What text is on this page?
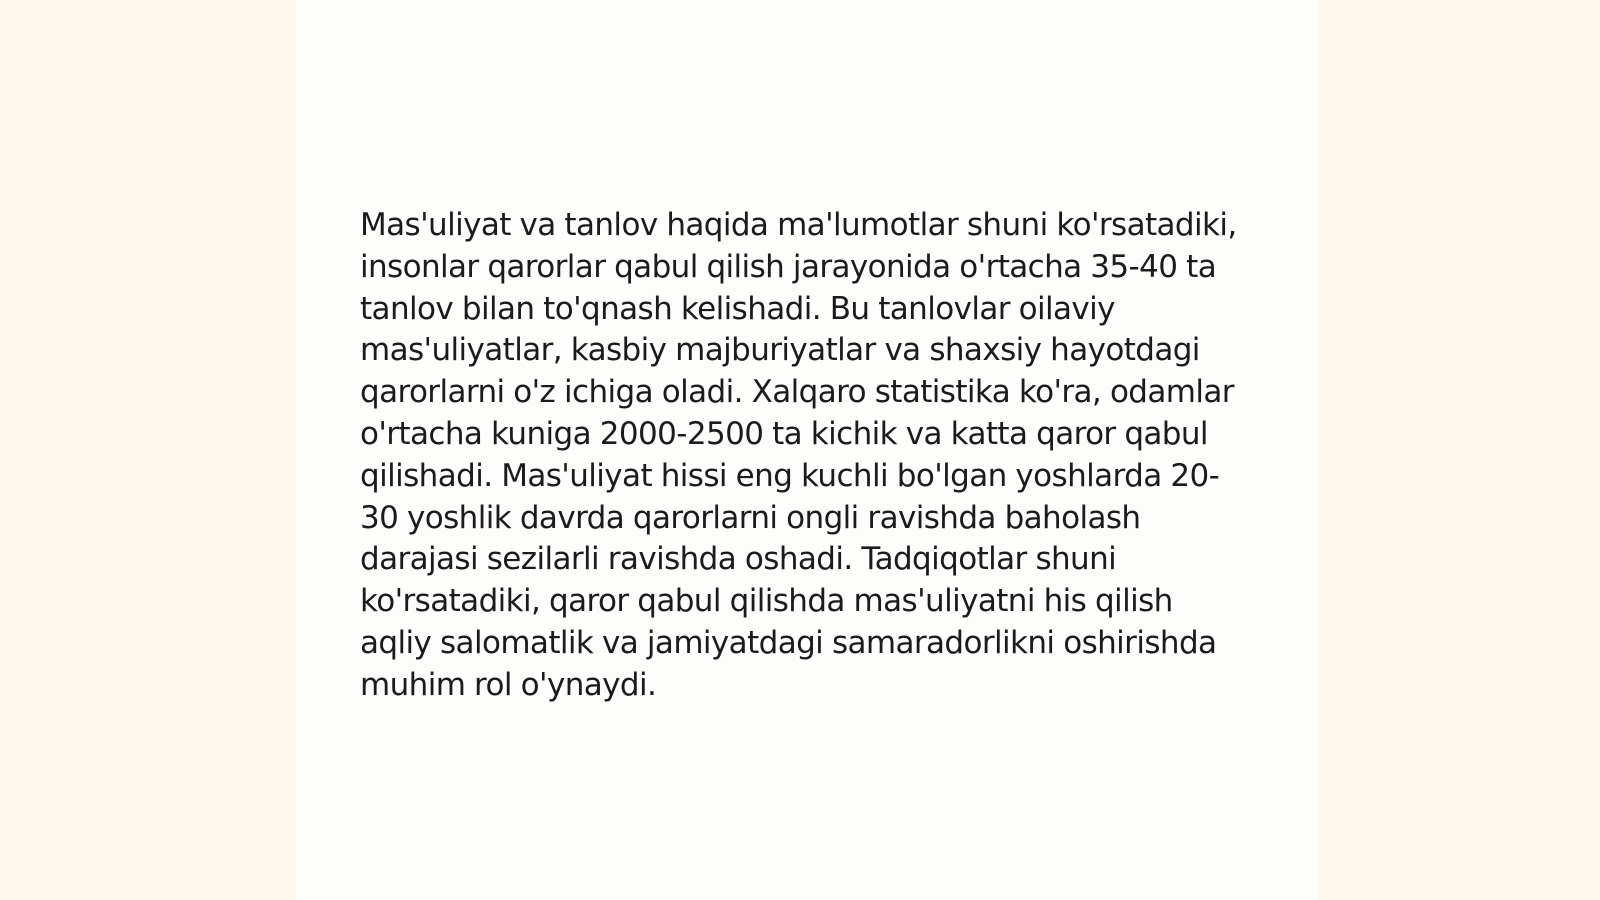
Mas'uliyat va tanlov haqida ma'lumotlar shuni ko'rsatadiki, insonlar qarorlar qabul qilish jarayonida o'rtacha 35-40 ta tanlov bilan to'qnash kelishadi. Bu tanlovlar oilaviy mas'uliyatlar, kasbiy majburiyatlar va shaxsiy hayotdagi qarorlarni o'z ichiga oladi. Xalqaro statistika ko'ra, odamlar o'rtacha kuniga 2000-2500 ta kichik va katta qaror qabul qilishadi. Mas'uliyat hissi eng kuchli bo'lgan yoshlarda 20-30 yoshlik davrda qarorlarni ongli ravishda baholash darajasi sezilarli ravishda oshadi. Tadqiqotlar shuni ko'rsatadiki, qaror qabul qilishda mas'uliyatni his qilish aqliy salomatlik va jamiyatdagi samaradorlikni oshirishda muhim rol o'ynaydi.
